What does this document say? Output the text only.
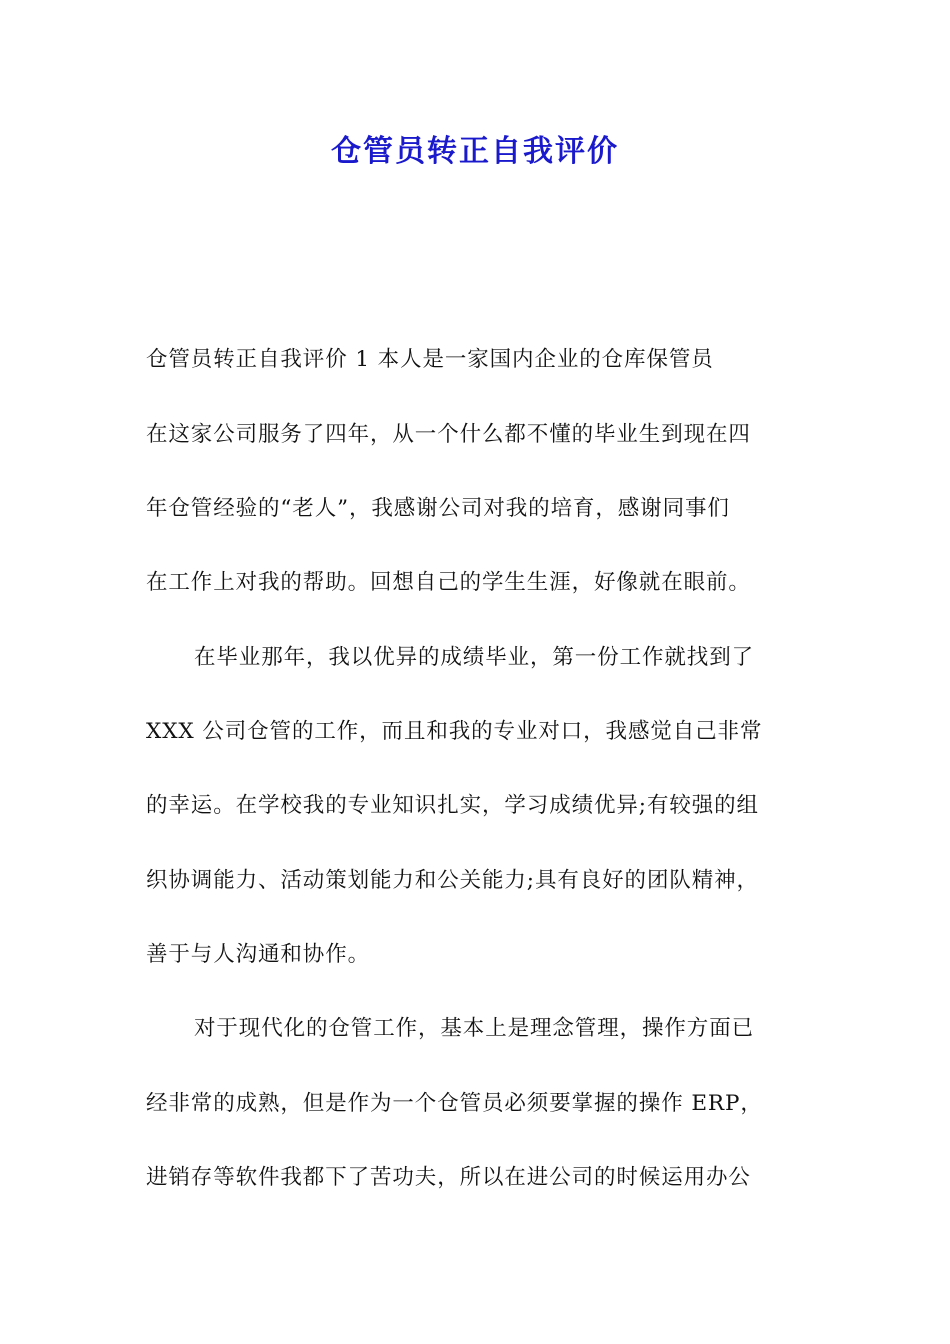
仓管员转正自我评价
仓管员转正自我评价 1 本人是一家国内企业的仓库保管员
在这家公司服务了四年，从一个什么都不懂的毕业生到现在四
年仓管经验的“老人”，我感谢公司对我的培育，感谢同事们
在工作上对我的帮助。回想自己的学生生涯，好像就在眼前。
在毕业那年，我以优异的成绩毕业，第一份工作就找到了
XXX 公司仓管的工作，而且和我的专业对口，我感觉自己非常
的幸运。在学校我的专业知识扎实，学习成绩优异;有较强的组
织协调能力、活动策划能力和公关能力;具有良好的团队精神，
善于与人沟通和协作。
对于现代化的仓管工作，基本上是理念管理，操作方面已
经非常的成熟，但是作为一个仓管员必须要掌握的操作 ERP，
进销存等软件我都下了苦功夫，所以在进公司的时候运用办公
